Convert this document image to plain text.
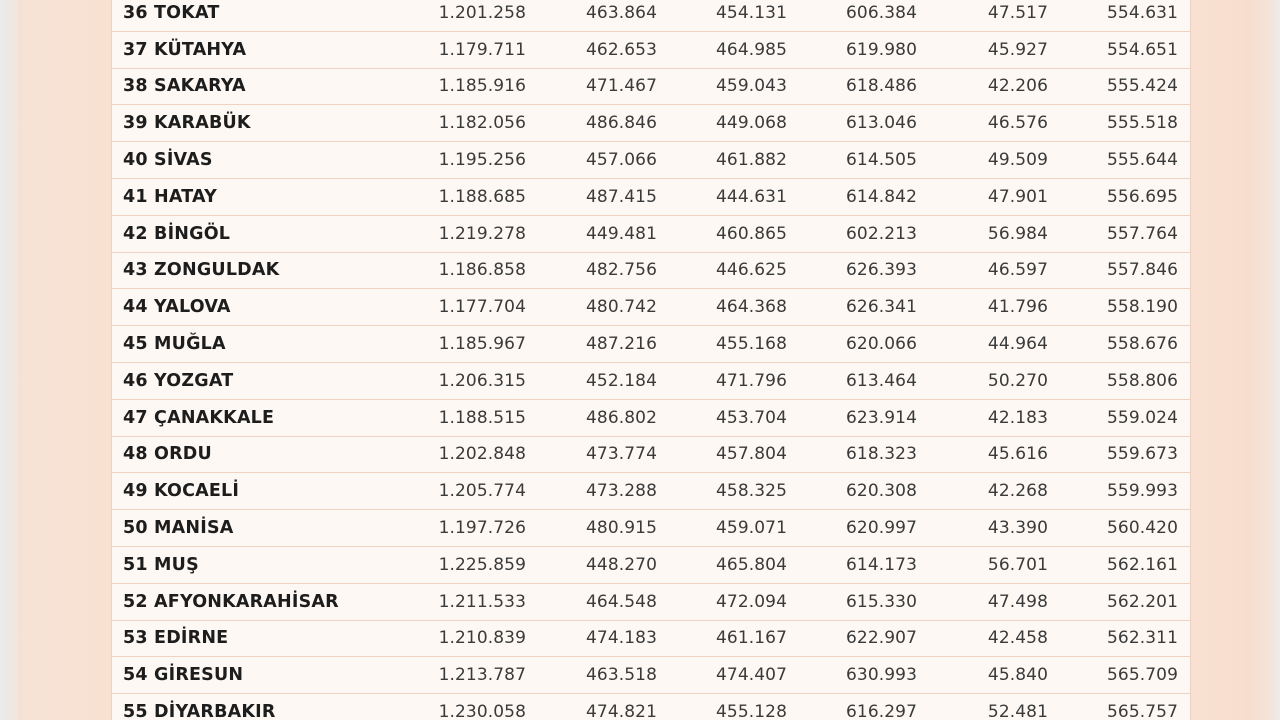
36 TOKAT	1.201.258	463.864	454.131	606.384	47.517	554.631
37 KÜTAHYA	1.179.711	462.653	464.985	619.980	45.927	554.651
38 SAKARYA	1.185.916	471.467	459.043	618.486	42.206	555.424
39 KARABÜK	1.182.056	486.846	449.068	613.046	46.576	555.518
40 SİVAS	1.195.256	457.066	461.882	614.505	49.509	555.644
41 HATAY	1.188.685	487.415	444.631	614.842	47.901	556.695
42 BİNGÖL	1.219.278	449.481	460.865	602.213	56.984	557.764
43 ZONGULDAK	1.186.858	482.756	446.625	626.393	46.597	557.846
44 YALOVA	1.177.704	480.742	464.368	626.341	41.796	558.190
45 MUĞLA	1.185.967	487.216	455.168	620.066	44.964	558.676
46 YOZGAT	1.206.315	452.184	471.796	613.464	50.270	558.806
47 ÇANAKKALE	1.188.515	486.802	453.704	623.914	42.183	559.024
48 ORDU	1.202.848	473.774	457.804	618.323	45.616	559.673
49 KOCAELİ	1.205.774	473.288	458.325	620.308	42.268	559.993
50 MANİSA	1.197.726	480.915	459.071	620.997	43.390	560.420
51 MUŞ	1.225.859	448.270	465.804	614.173	56.701	562.161
52 AFYONKARAHİSAR	1.211.533	464.548	472.094	615.330	47.498	562.201
53 EDİRNE	1.210.839	474.183	461.167	622.907	42.458	562.311
54 GİRESUN	1.213.787	463.518	474.407	630.993	45.840	565.709
55 DİYARBAKIR	1.230.058	474.821	455.128	616.297	52.481	565.757
